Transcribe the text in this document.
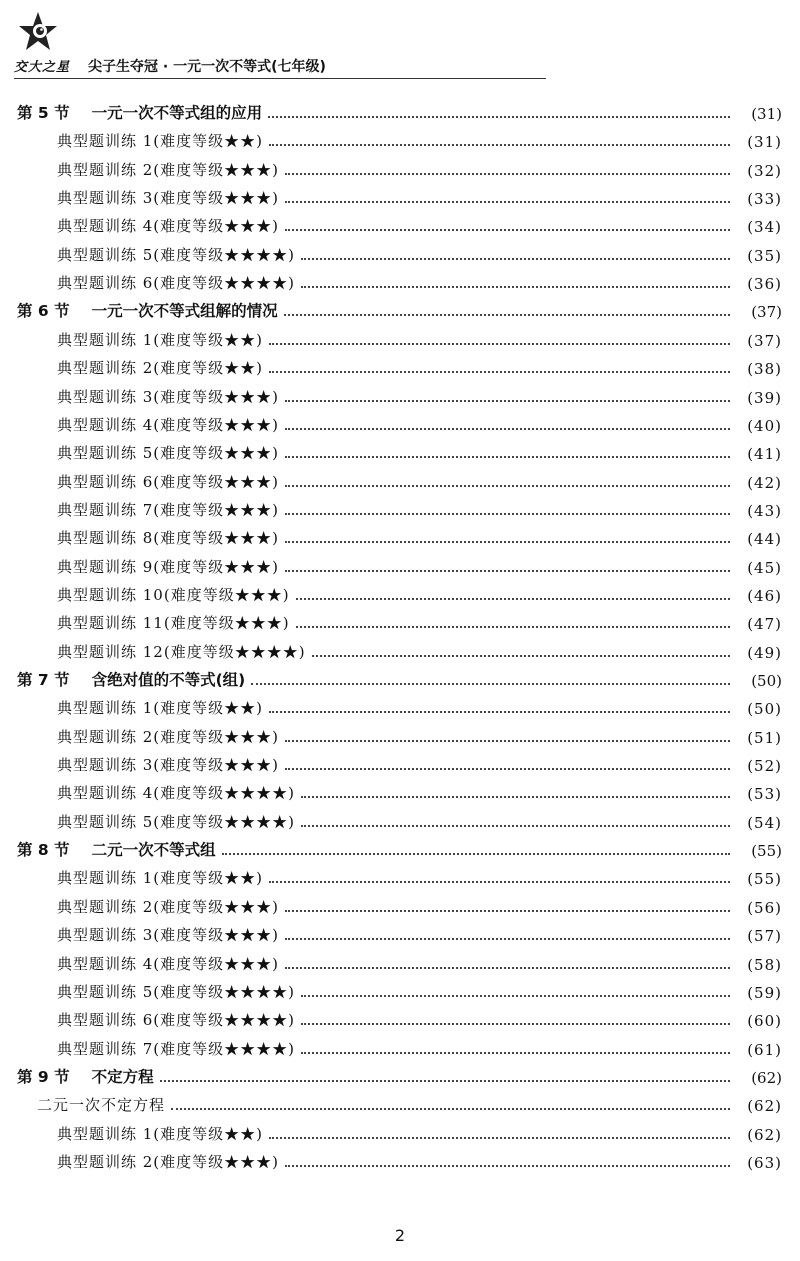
交大之星 尖子生夺冠 · 一元一次不等式(七年级)
第 5 节 一元一次不等式组的应用	(31)
典型题训练 1(难度等级★★)	(31)
典型题训练 2(难度等级★★★)	(32)
典型题训练 3(难度等级★★★)	(33)
典型题训练 4(难度等级★★★)	(34)
典型题训练 5(难度等级★★★★)	(35)
典型题训练 6(难度等级★★★★)	(36)
第 6 节 一元一次不等式组解的情况	(37)
典型题训练 1(难度等级★★)	(37)
典型题训练 2(难度等级★★)	(38)
典型题训练 3(难度等级★★★)	(39)
典型题训练 4(难度等级★★★)	(40)
典型题训练 5(难度等级★★★)	(41)
典型题训练 6(难度等级★★★)	(42)
典型题训练 7(难度等级★★★)	(43)
典型题训练 8(难度等级★★★)	(44)
典型题训练 9(难度等级★★★)	(45)
典型题训练 10(难度等级★★★)	(46)
典型题训练 11(难度等级★★★)	(47)
典型题训练 12(难度等级★★★★)	(49)
第 7 节 含绝对值的不等式(组)	(50)
典型题训练 1(难度等级★★)	(50)
典型题训练 2(难度等级★★★)	(51)
典型题训练 3(难度等级★★★)	(52)
典型题训练 4(难度等级★★★★)	(53)
典型题训练 5(难度等级★★★★)	(54)
第 8 节 二元一次不等式组	(55)
典型题训练 1(难度等级★★)	(55)
典型题训练 2(难度等级★★★)	(56)
典型题训练 3(难度等级★★★)	(57)
典型题训练 4(难度等级★★★)	(58)
典型题训练 5(难度等级★★★★)	(59)
典型题训练 6(难度等级★★★★)	(60)
典型题训练 7(难度等级★★★★)	(61)
第 9 节 不定方程	(62)
二元一次不定方程	(62)
典型题训练 1(难度等级★★)	(62)
典型题训练 2(难度等级★★★)	(63)
2
